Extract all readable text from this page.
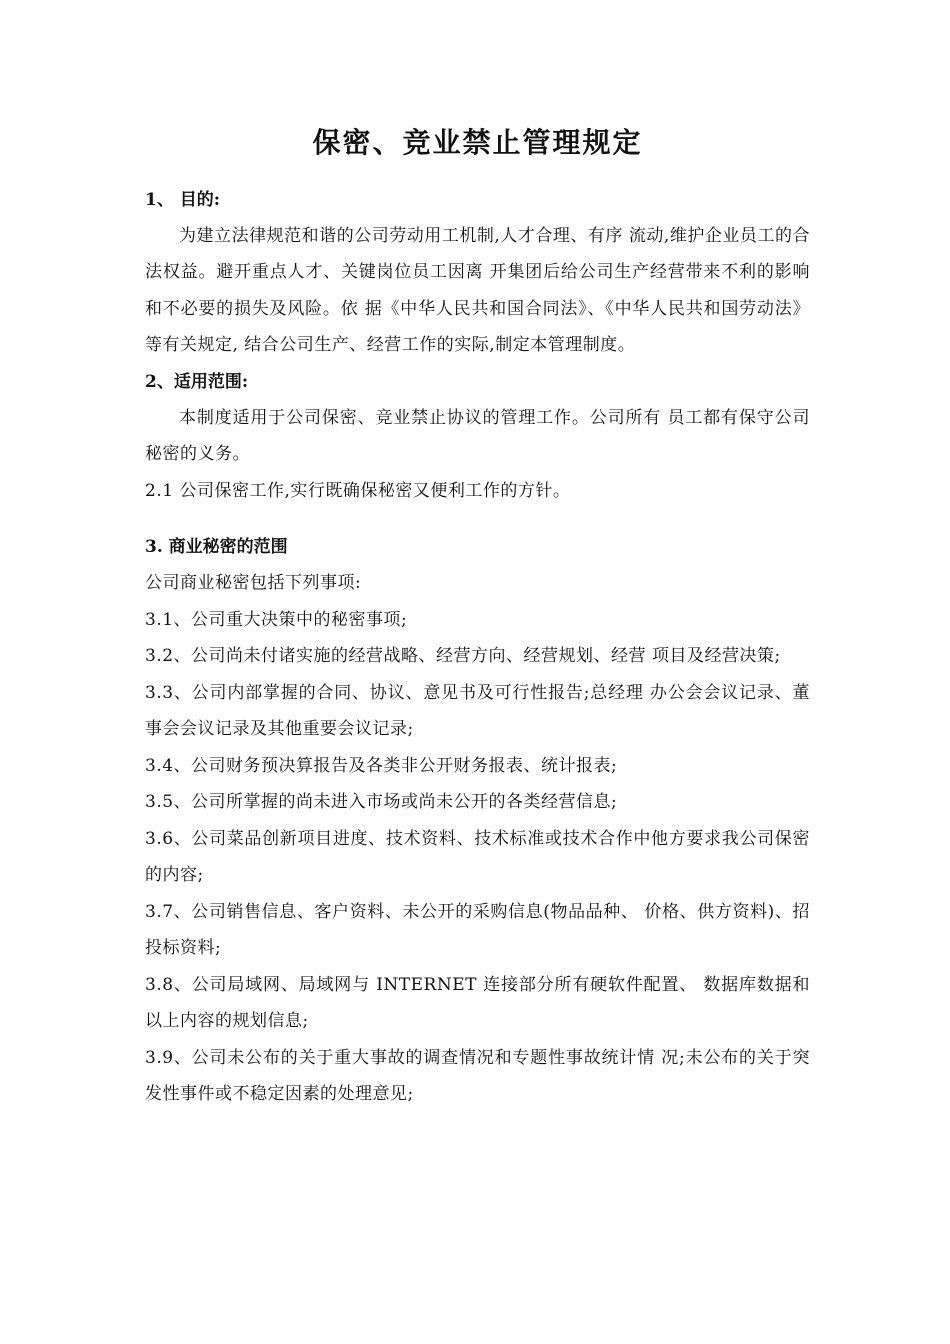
保密、竞业禁止管理规定

1、 目的:

为建立法律规范和谐的公司劳动用工机制,人才合理、有序 流动,维护企业员工的合法权益。避开重点人才、关键岗位员工因离 开集团后给公司生产经营带来不利的影响和不必要的损失及风险。依 据《中华人民共和国合同法》、《中华人民共和国劳动法》等有关规定, 结合公司生产、经营工作的实际,制定本管理制度。

2、适用范围:

本制度适用于公司保密、竞业禁止协议的管理工作。公司所有 员工都有保守公司秘密的义务。

2.1 公司保密工作,实行既确保秘密又便利工作的方针。

3. 商业秘密的范围

公司商业秘密包括下列事项:

3.1、公司重大决策中的秘密事项;

3.2、公司尚未付诸实施的经营战略、经营方向、经营规划、经营 项目及经营决策;

3.3、公司内部掌握的合同、协议、意见书及可行性报告;总经理 办公会会议记录、董事会会议记录及其他重要会议记录;

3.4、公司财务预决算报告及各类非公开财务报表、统计报表;

3.5、公司所掌握的尚未进入市场或尚未公开的各类经营信息;

3.6、公司菜品创新项目进度、技术资料、技术标准或技术合作中他方要求我公司保密的内容;

3.7、公司销售信息、客户资料、未公开的采购信息(物品品种、 价格、供方资料)、招投标资料;

3.8、公司局域网、局域网与 INTERNET 连接部分所有硬软件配置、 数据库数据和以上内容的规划信息;

3.9、公司未公布的关于重大事故的调查情况和专题性事故统计情 况;未公布的关于突发性事件或不稳定因素的处理意见;
